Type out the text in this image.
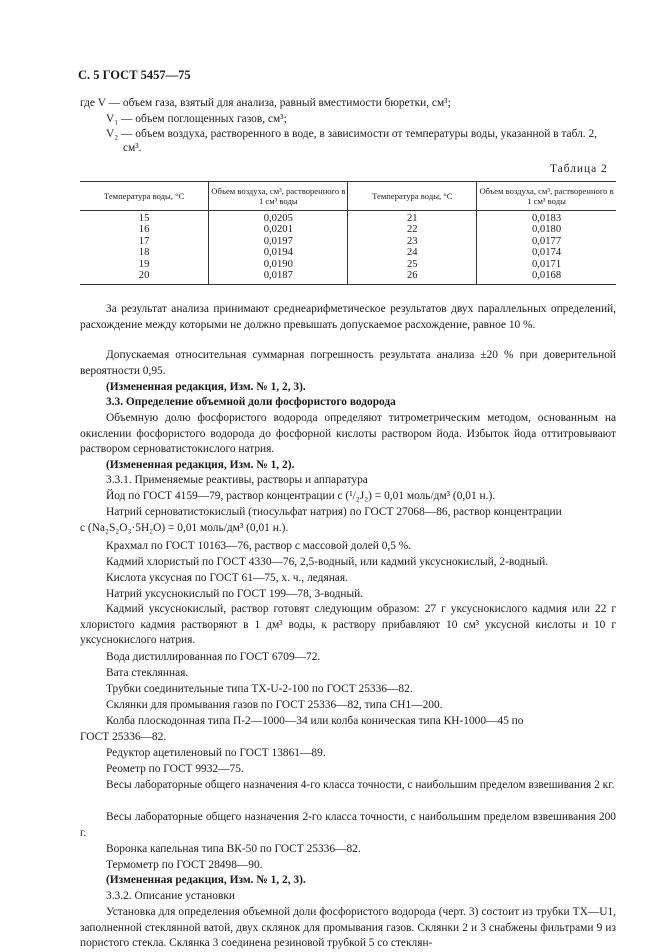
С. 5 ГОСТ 5457—75
где V — объем газа, взятый для анализа, равный вместимости бюретки, см³;
V₁ — объем поглощенных газов, см³;
V₂ — объем воздуха, растворенного в воде, в зависимости от температуры воды, указанной в табл. 2,
см³.
Таблица 2
Температура воды, °С	Объем воздуха, см³, растворенного в 1 см³ воды	Температура воды, °С	Объем воздуха, см³, растворенного в 1 см³ воды
15	0,0205	21	0,0183
16	0,0201	22	0,0180
17	0,0197	23	0,0177
18	0,0194	24	0,0174
19	0,0190	25	0,0171
20	0,0187	26	0,0168
За результат анализа принимают среднеарифметическое результатов двух параллельных определений, расхождение между которыми не должно превышать допускаемое расхождение, равное 10 %.
Допускаемая относительная суммарная погрешность результата анализа ±20 % при доверительной вероятности 0,95.
(Измененная редакция, Изм. № 1, 2, 3).
3.3. Определение объемной доли фосфористого водорода
Объемную долю фосфористого водорода определяют титрометрическим методом, основанным на окислении фосфористого водорода до фосфорной кислоты раствором йода. Избыток йода оттитровывают раствором серноватистокислого натрия.
(Измененная редакция, Изм. № 1, 2).
3.3.1. Применяемые реактивы, растворы и аппаратура
Йод по ГОСТ 4159—79, раствор концентрации c (¹/₂J₂) = 0,01 моль/дм³ (0,01 н.).
Натрий серноватистокислый (тиосульфат натрия) по ГОСТ 27068—86, раствор концентрации
c (Na₂S₂O₃·5H₂O) = 0,01 моль/дм³ (0,01 н.).
Крахмал по ГОСТ 10163—76, раствор с массовой долей 0,5 %.
Кадмий хлористый по ГОСТ 4330—76, 2,5-водный, или кадмий уксуснокислый, 2-водный.
Кислота уксусная по ГОСТ 61—75, х. ч., ледяная.
Натрий уксуснокислый по ГОСТ 199—78, 3-водный.
Кадмий уксуснокислый, раствор готовят следующим образом: 27 г уксуснокислого кадмия или 22 г хлористого кадмия растворяют в 1 дм³ воды, к раствору прибавляют 10 см³ уксусной кислоты и 10 г уксуснокислого натрия.
Вода дистиллированная по ГОСТ 6709—72.
Вата стеклянная.
Трубки соединительные типа ТХ-U-2-100 по ГОСТ 25336—82.
Склянки для промывания газов по ГОСТ 25336—82, типа СН1—200.
Колба плоскодонная типа П-2—1000—34 или колба коническая типа КН-1000—45 по
ГОСТ 25336—82.
Редуктор ацетиленовый по ГОСТ 13861—89.
Реометр по ГОСТ 9932—75.
Весы лабораторные общего назначения 4-го класса точности, с наибольшим пределом взвешивания 2 кг.
Весы лабораторные общего назначения 2-го класса точности, с наибольшим пределом взвешивания 200 г.
Воронка капельная типа ВК-50 по ГОСТ 25336—82.
Термометр по ГОСТ 28498—90.
(Измененная редакция, Изм. № 1, 2, 3).
3.3.2. Описание установки
Установка для определения объемной доли фосфористого водорода (черт. 3) состоит из трубки ТХ—U1, заполненной стеклянной ватой, двух склянок для промывания газов. Склянки 2 и 3 снабжены фильтрами 9 из пористого стекла. Склянка 3 соединена резиновой трубкой 5 со стеклян-
